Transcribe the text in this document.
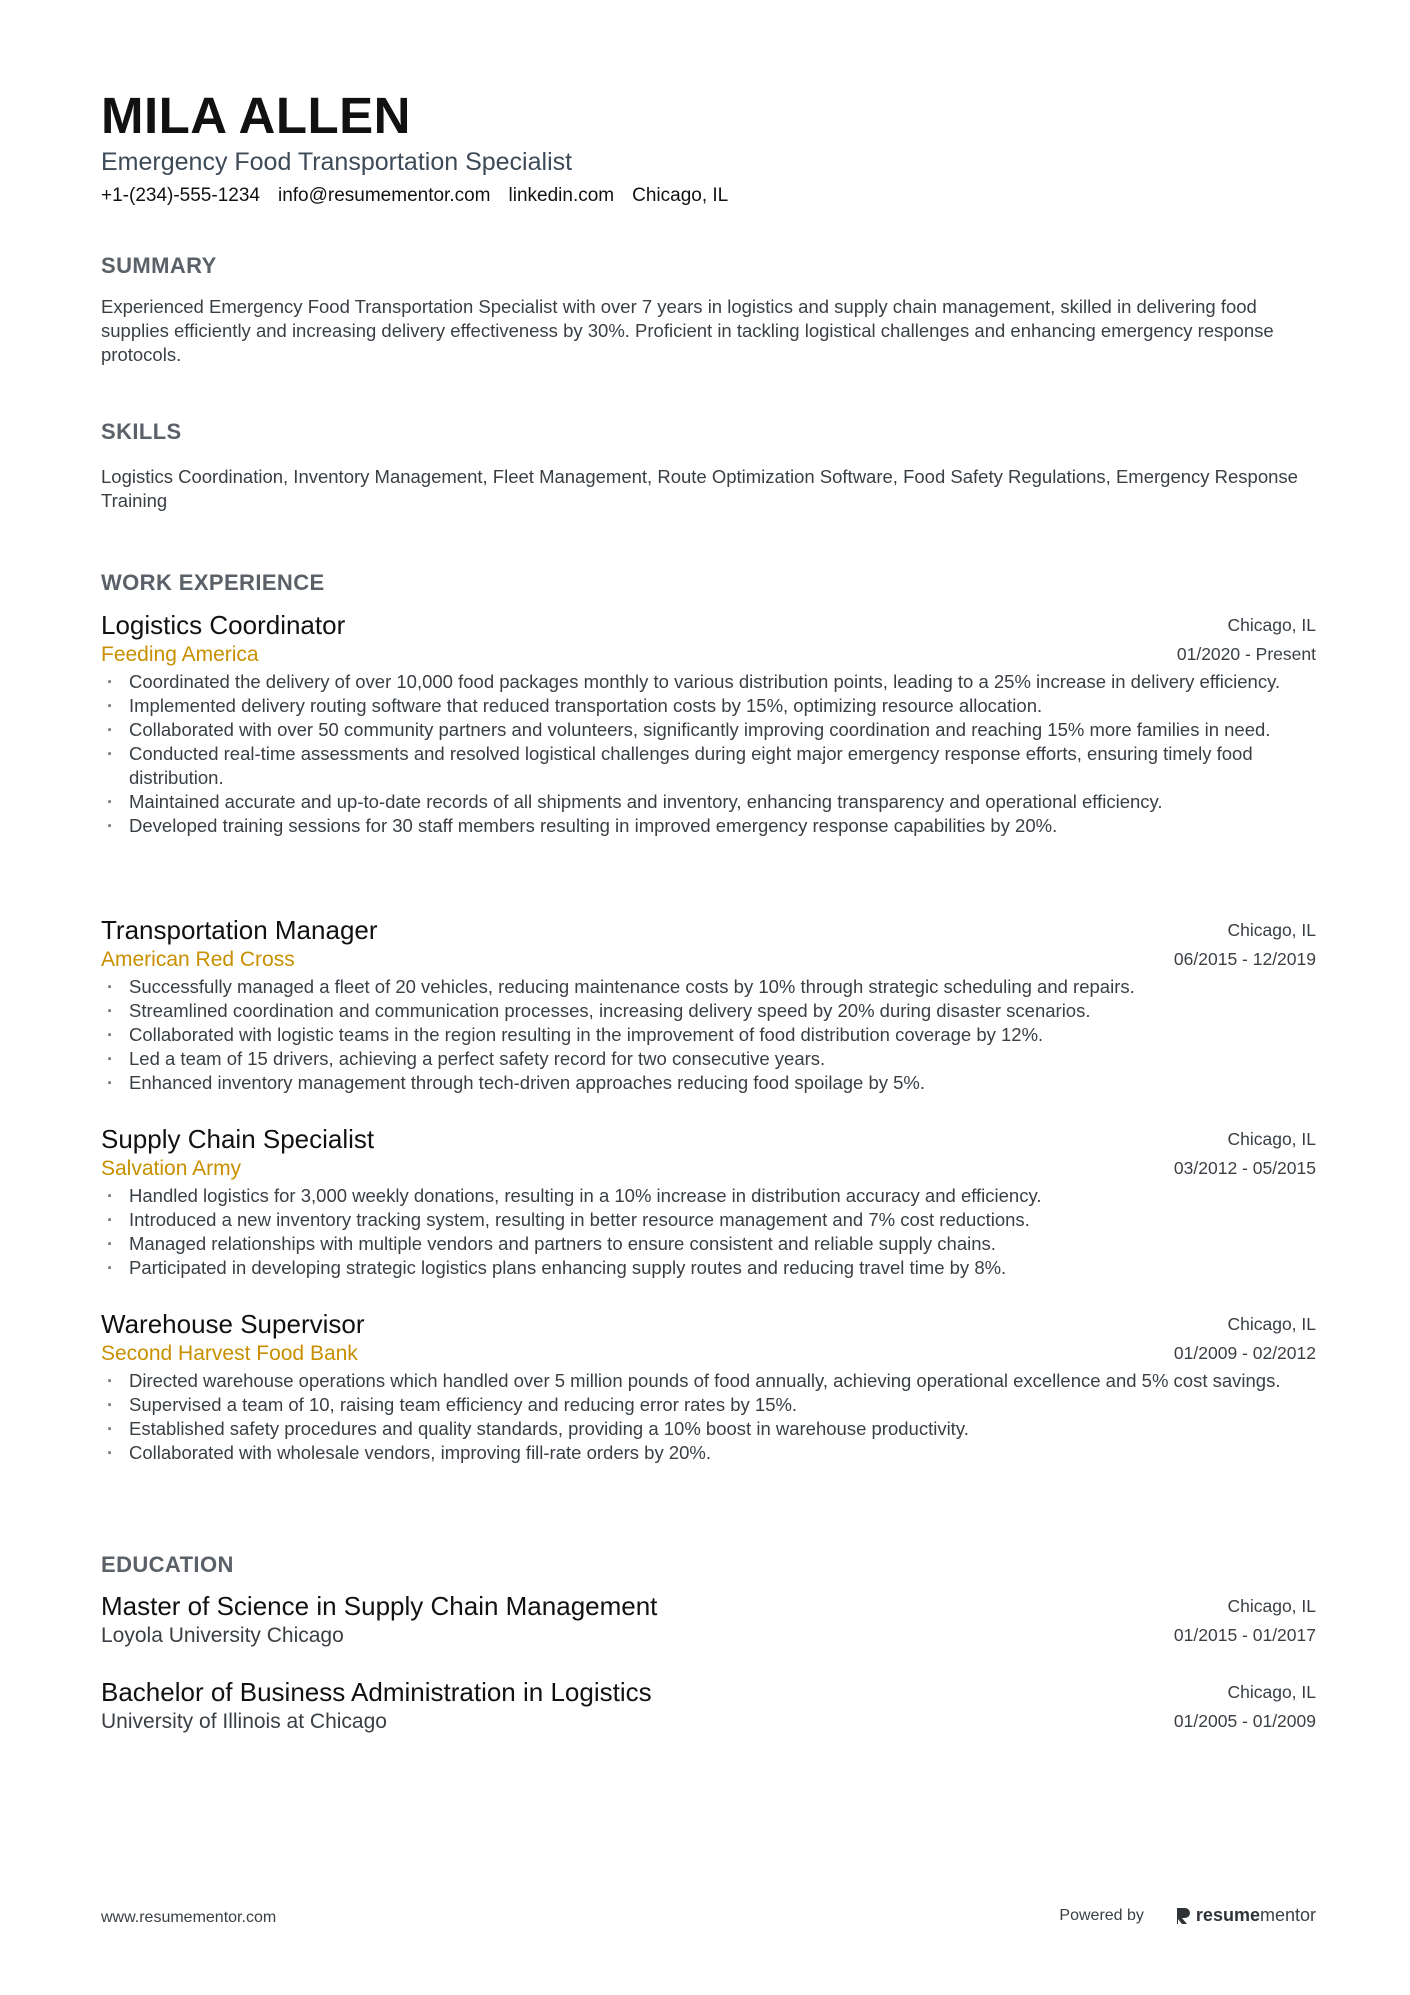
MILA ALLEN
Emergency Food Transportation Specialist
+1-(234)-555-1234 info@resumementor.com linkedin.com Chicago, IL
SUMMARY
Experienced Emergency Food Transportation Specialist with over 7 years in logistics and supply chain management, skilled in delivering food supplies efficiently and increasing delivery effectiveness by 30%. Proficient in tackling logistical challenges and enhancing emergency response protocols.
SKILLS
Logistics Coordination, Inventory Management, Fleet Management, Route Optimization Software, Food Safety Regulations, Emergency Response Training
WORK EXPERIENCE
Logistics Coordinator
Feeding America
Chicago, IL
01/2020 - Present
· Coordinated the delivery of over 10,000 food packages monthly to various distribution points, leading to a 25% increase in delivery efficiency.
· Implemented delivery routing software that reduced transportation costs by 15%, optimizing resource allocation.
· Collaborated with over 50 community partners and volunteers, significantly improving coordination and reaching 15% more families in need.
· Conducted real-time assessments and resolved logistical challenges during eight major emergency response efforts, ensuring timely food distribution.
· Maintained accurate and up-to-date records of all shipments and inventory, enhancing transparency and operational efficiency.
· Developed training sessions for 30 staff members resulting in improved emergency response capabilities by 20%.
Transportation Manager
American Red Cross
Chicago, IL
06/2015 - 12/2019
· Successfully managed a fleet of 20 vehicles, reducing maintenance costs by 10% through strategic scheduling and repairs.
· Streamlined coordination and communication processes, increasing delivery speed by 20% during disaster scenarios.
· Collaborated with logistic teams in the region resulting in the improvement of food distribution coverage by 12%.
· Led a team of 15 drivers, achieving a perfect safety record for two consecutive years.
· Enhanced inventory management through tech-driven approaches reducing food spoilage by 5%.
Supply Chain Specialist
Salvation Army
Chicago, IL
03/2012 - 05/2015
· Handled logistics for 3,000 weekly donations, resulting in a 10% increase in distribution accuracy and efficiency.
· Introduced a new inventory tracking system, resulting in better resource management and 7% cost reductions.
· Managed relationships with multiple vendors and partners to ensure consistent and reliable supply chains.
· Participated in developing strategic logistics plans enhancing supply routes and reducing travel time by 8%.
Warehouse Supervisor
Second Harvest Food Bank
Chicago, IL
01/2009 - 02/2012
· Directed warehouse operations which handled over 5 million pounds of food annually, achieving operational excellence and 5% cost savings.
· Supervised a team of 10, raising team efficiency and reducing error rates by 15%.
· Established safety procedures and quality standards, providing a 10% boost in warehouse productivity.
· Collaborated with wholesale vendors, improving fill-rate orders by 20%.
EDUCATION
Master of Science in Supply Chain Management
Loyola University Chicago
Chicago, IL
01/2015 - 01/2017
Bachelor of Business Administration in Logistics
University of Illinois at Chicago
Chicago, IL
01/2005 - 01/2009
www.resumementor.com	Powered by	resumementor
